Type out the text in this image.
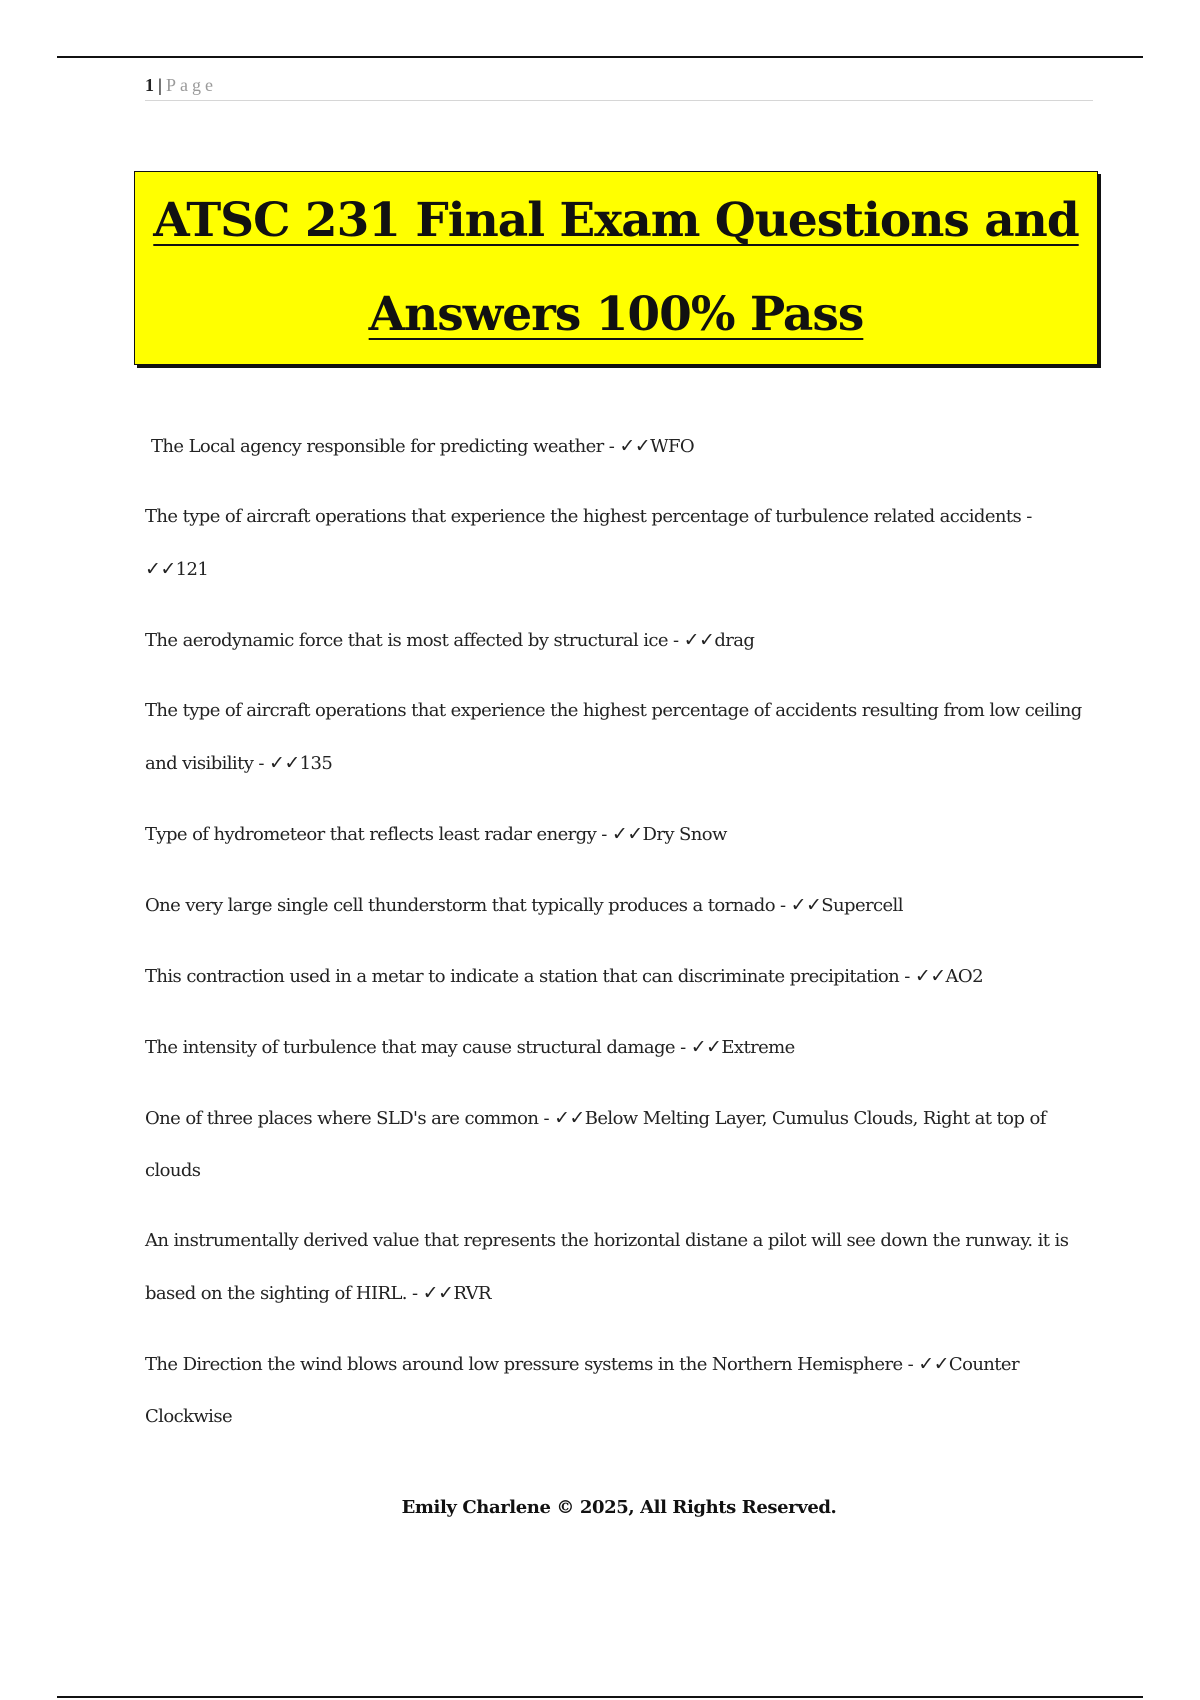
1 | Page
ATSC 231 Final Exam Questions and
Answers 100% Pass
The Local agency responsible for predicting weather - ✓✓WFO
The type of aircraft operations that experience the highest percentage of turbulence related accidents - ✓✓121
The aerodynamic force that is most affected by structural ice - ✓✓drag
The type of aircraft operations that experience the highest percentage of accidents resulting from low ceiling and visibility - ✓✓135
Type of hydrometeor that reflects least radar energy - ✓✓Dry Snow
One very large single cell thunderstorm that typically produces a tornado - ✓✓Supercell
This contraction used in a metar to indicate a station that can discriminate precipitation - ✓✓AO2
The intensity of turbulence that may cause structural damage - ✓✓Extreme
One of three places where SLD's are common - ✓✓Below Melting Layer, Cumulus Clouds, Right at top of clouds
An instrumentally derived value that represents the horizontal distane a pilot will see down the runway. it is based on the sighting of HIRL. - ✓✓RVR
The Direction the wind blows around low pressure systems in the Northern Hemisphere - ✓✓Counter Clockwise
Emily Charlene © 2025, All Rights Reserved.
